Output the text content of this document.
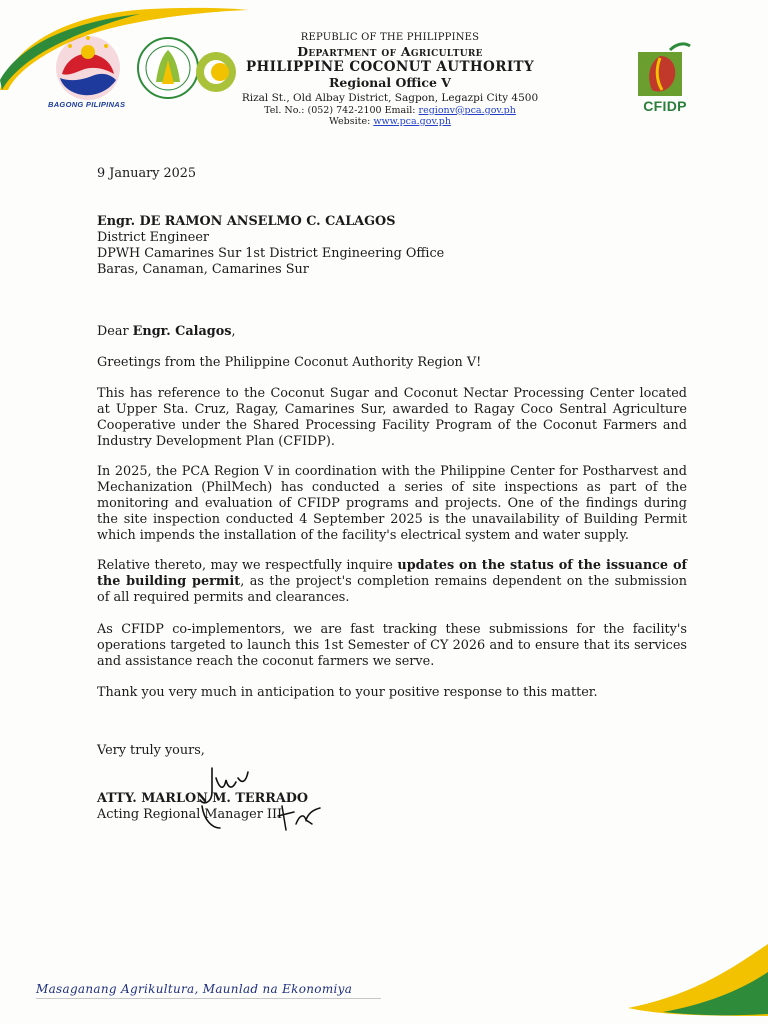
BAGONG PILIPINAS
REPUBLIC OF THE PHILIPPINES
Department of Agriculture
PHILIPPINE COCONUT AUTHORITY
Regional Office V
Rizal St., Old Albay District, Sagpon, Legazpi City 4500
Tel. No.: (052) 742-2100 Email: regionv@pca.gov.ph
Website: www.pca.gov.ph
CFIDP
9 January 2025
Engr. DE RAMON ANSELMO C. CALAGOS
District Engineer
DPWH Camarines Sur 1st District Engineering Office
Baras, Canaman, Camarines Sur
Dear Engr. Calagos,
Greetings from the Philippine Coconut Authority Region V!
This has reference to the Coconut Sugar and Coconut Nectar Processing Center located at Upper Sta. Cruz, Ragay, Camarines Sur, awarded to Ragay Coco Sentral Agriculture Cooperative under the Shared Processing Facility Program of the Coconut Farmers and Industry Development Plan (CFIDP).
In 2025, the PCA Region V in coordination with the Philippine Center for Postharvest and Mechanization (PhilMech) has conducted a series of site inspections as part of the monitoring and evaluation of CFIDP programs and projects. One of the findings during the site inspection conducted 4 September 2025 is the unavailability of Building Permit which impends the installation of the facility's electrical system and water supply.
Relative thereto, may we respectfully inquire updates on the status of the issuance of the building permit, as the project's completion remains dependent on the submission of all required permits and clearances.
As CFIDP co-implementors, we are fast tracking these submissions for the facility's operations targeted to launch this 1st Semester of CY 2026 and to ensure that its services and assistance reach the coconut farmers we serve.
Thank you very much in anticipation to your positive response to this matter.
Very truly yours,
ATTY. MARLON M. TERRADO
Acting Regional Manager III
Masaganang Agrikultura, Maunlad na Ekonomiya
